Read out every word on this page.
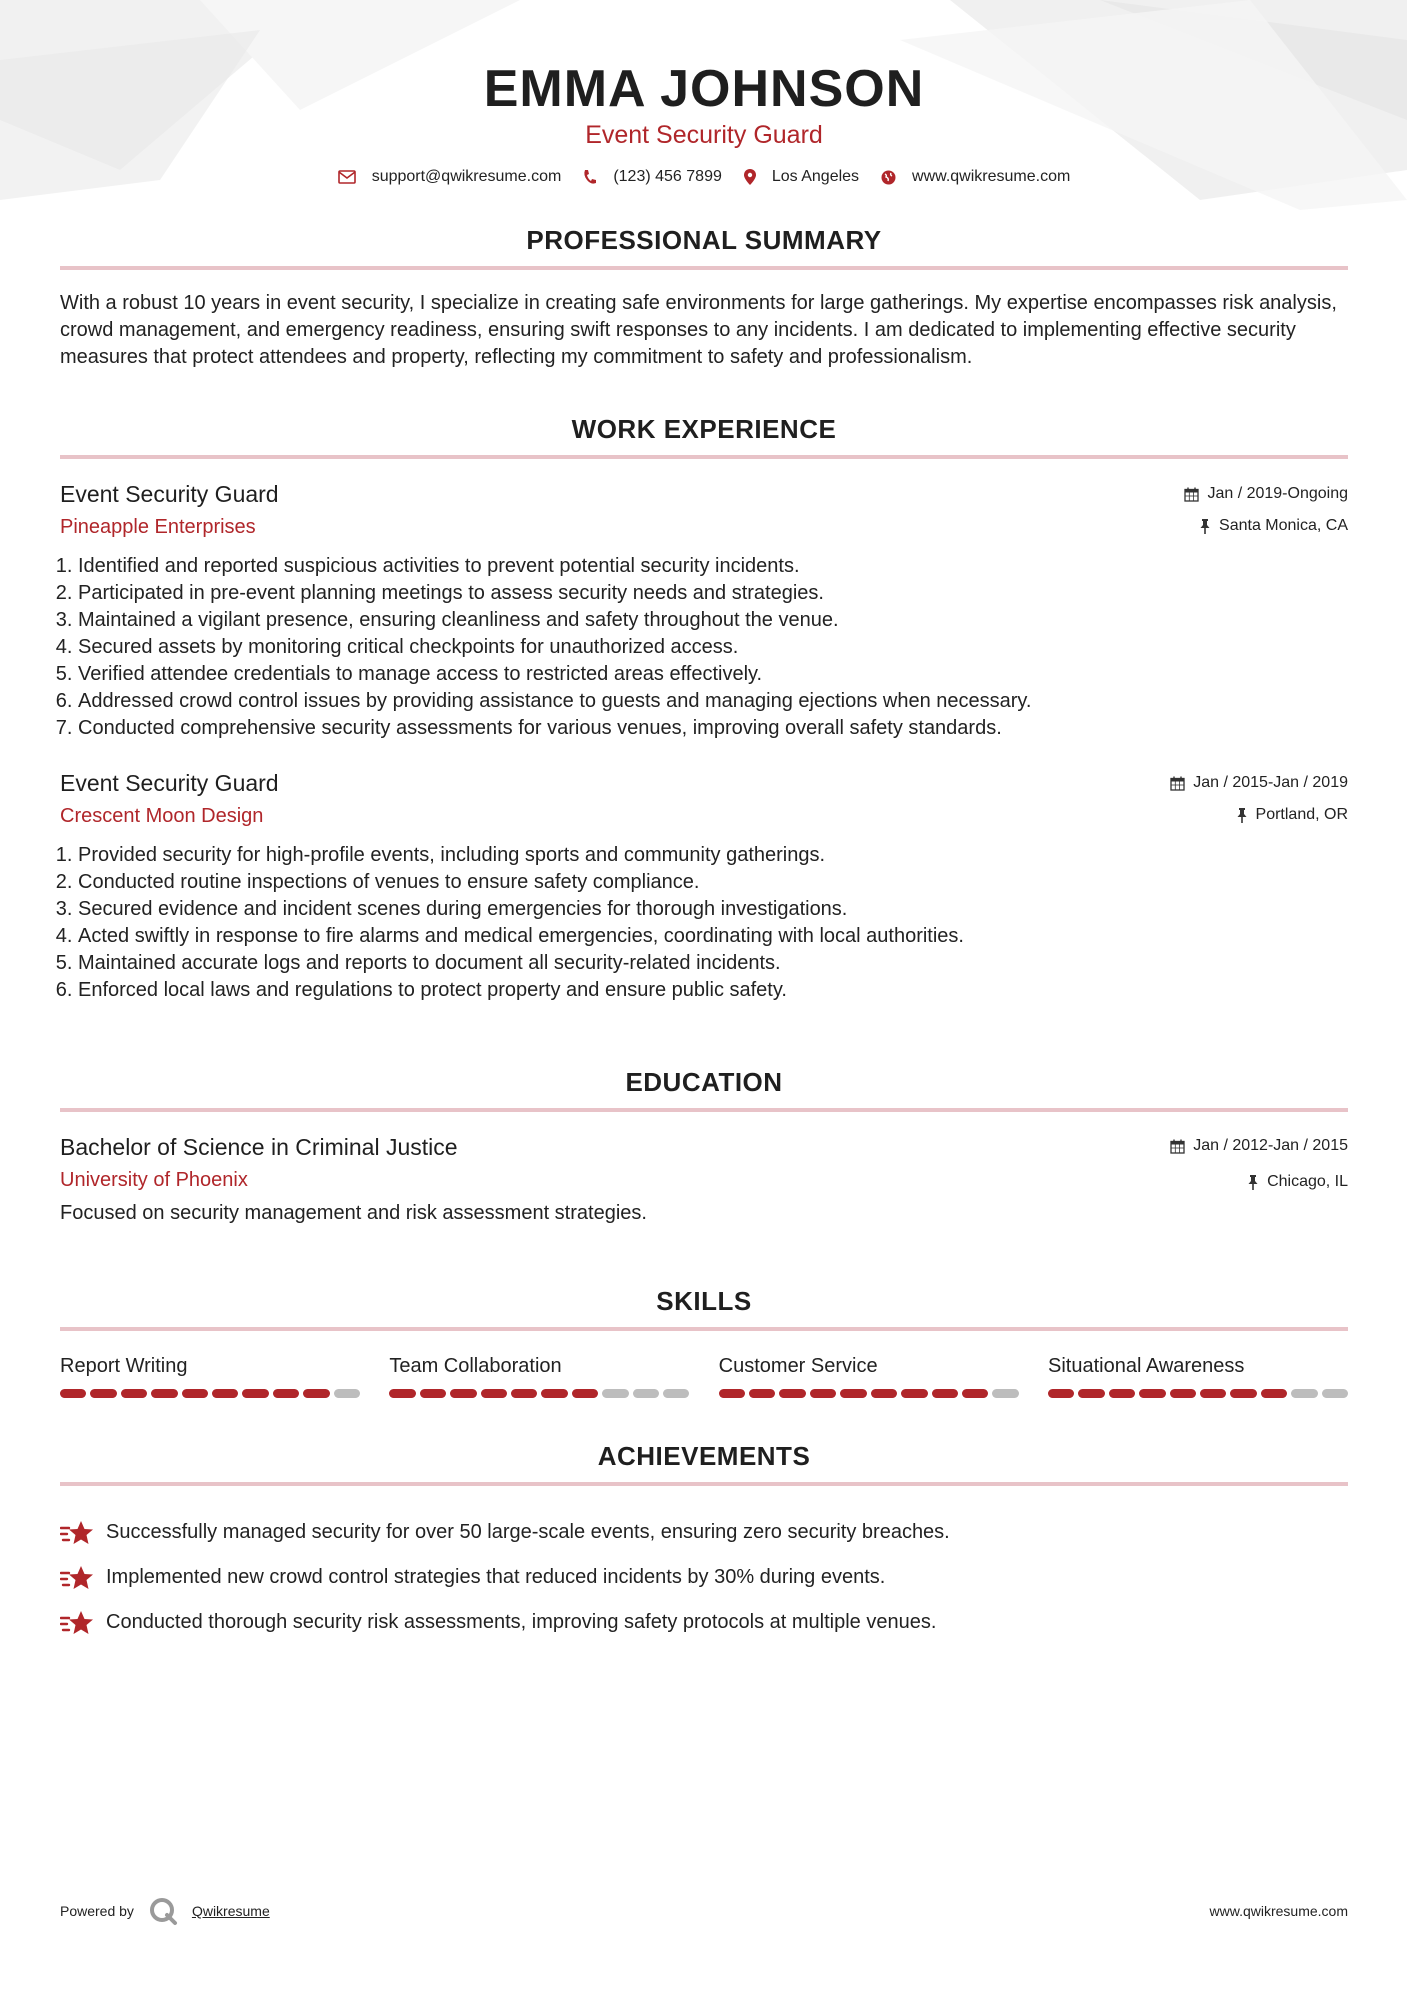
EMMA JOHNSON
Event Security Guard
support@qwikresume.com	(123) 456 7899	Los Angeles	www.qwikresume.com
PROFESSIONAL SUMMARY
With a robust 10 years in event security, I specialize in creating safe environments for large gatherings. My expertise encompasses risk analysis, crowd management, and emergency readiness, ensuring swift responses to any incidents. I am dedicated to implementing effective security measures that protect attendees and property, reflecting my commitment to safety and professionalism.
WORK EXPERIENCE
Event Security Guard
Pineapple Enterprises
Jan / 2019-Ongoing
Santa Monica, CA
1. Identified and reported suspicious activities to prevent potential security incidents.
2. Participated in pre-event planning meetings to assess security needs and strategies.
3. Maintained a vigilant presence, ensuring cleanliness and safety throughout the venue.
4. Secured assets by monitoring critical checkpoints for unauthorized access.
5. Verified attendee credentials to manage access to restricted areas effectively.
6. Addressed crowd control issues by providing assistance to guests and managing ejections when necessary.
7. Conducted comprehensive security assessments for various venues, improving overall safety standards.
Event Security Guard
Crescent Moon Design
Jan / 2015-Jan / 2019
Portland, OR
1. Provided security for high-profile events, including sports and community gatherings.
2. Conducted routine inspections of venues to ensure safety compliance.
3. Secured evidence and incident scenes during emergencies for thorough investigations.
4. Acted swiftly in response to fire alarms and medical emergencies, coordinating with local authorities.
5. Maintained accurate logs and reports to document all security-related incidents.
6. Enforced local laws and regulations to protect property and ensure public safety.
EDUCATION
Bachelor of Science in Criminal Justice
University of Phoenix
Jan / 2012-Jan / 2015
Chicago, IL
Focused on security management and risk assessment strategies.
SKILLS
Report Writing	Team Collaboration	Customer Service	Situational Awareness
ACHIEVEMENTS
Successfully managed security for over 50 large-scale events, ensuring zero security breaches.
Implemented new crowd control strategies that reduced incidents by 30% during events.
Conducted thorough security risk assessments, improving safety protocols at multiple venues.
Powered by	Qwikresume	www.qwikresume.com
